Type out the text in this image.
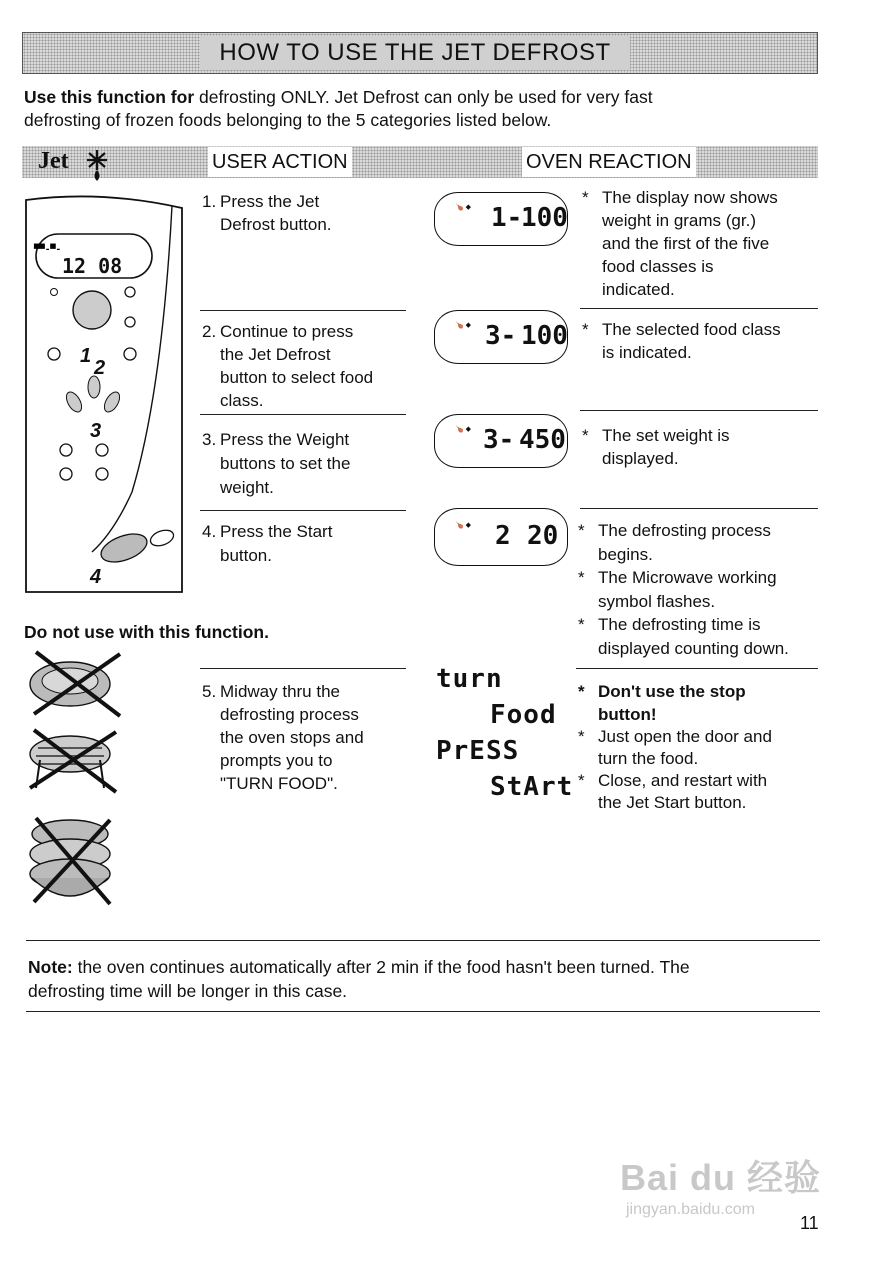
HOW TO USE THE JET DEFROST
Use this function for defrosting ONLY. Jet Defrost can only be used for very fast
defrosting of frozen foods belonging to the 5 categories listed below.
Jet	USER ACTION	OVEN REACTION
▀▀-▀-
12 08
1
2
3
4
1. Press the Jet
Defrost button.
🍗 ◆ 1-
100
* The display now shows
weight in grams (gr.)
and the first of the five
food classes is
indicated.
2. Continue to press
the Jet Defrost
button to select food
class.
🍗 ◆ 3- 100 * The selected food class
is indicated.
3. Press the Weight
buttons to set the
weight.
🍗 ◆ 3- 450 * The set weight is
displayed.
4. Press the Start
button.
🍗 ◆ 2 20 * The defrosting process
begins.
* The Microwave working
symbol flashes.
* The defrosting time is
displayed counting down.
Do not use with this function.
5. Midway thru the
defrosting process
the oven stops and
prompts you to
"TURN FOOD".
turn
Food
PrESS
StArt
* Don't use the stop
button!
* Just open the door and
turn the food.
* Close, and restart with
the Jet Start button.
Note: the oven continues automatically after 2 min if the food hasn't been turned. The
defrosting time will be longer in this case.
Bai du 经验
jingyan.baidu.com
11
